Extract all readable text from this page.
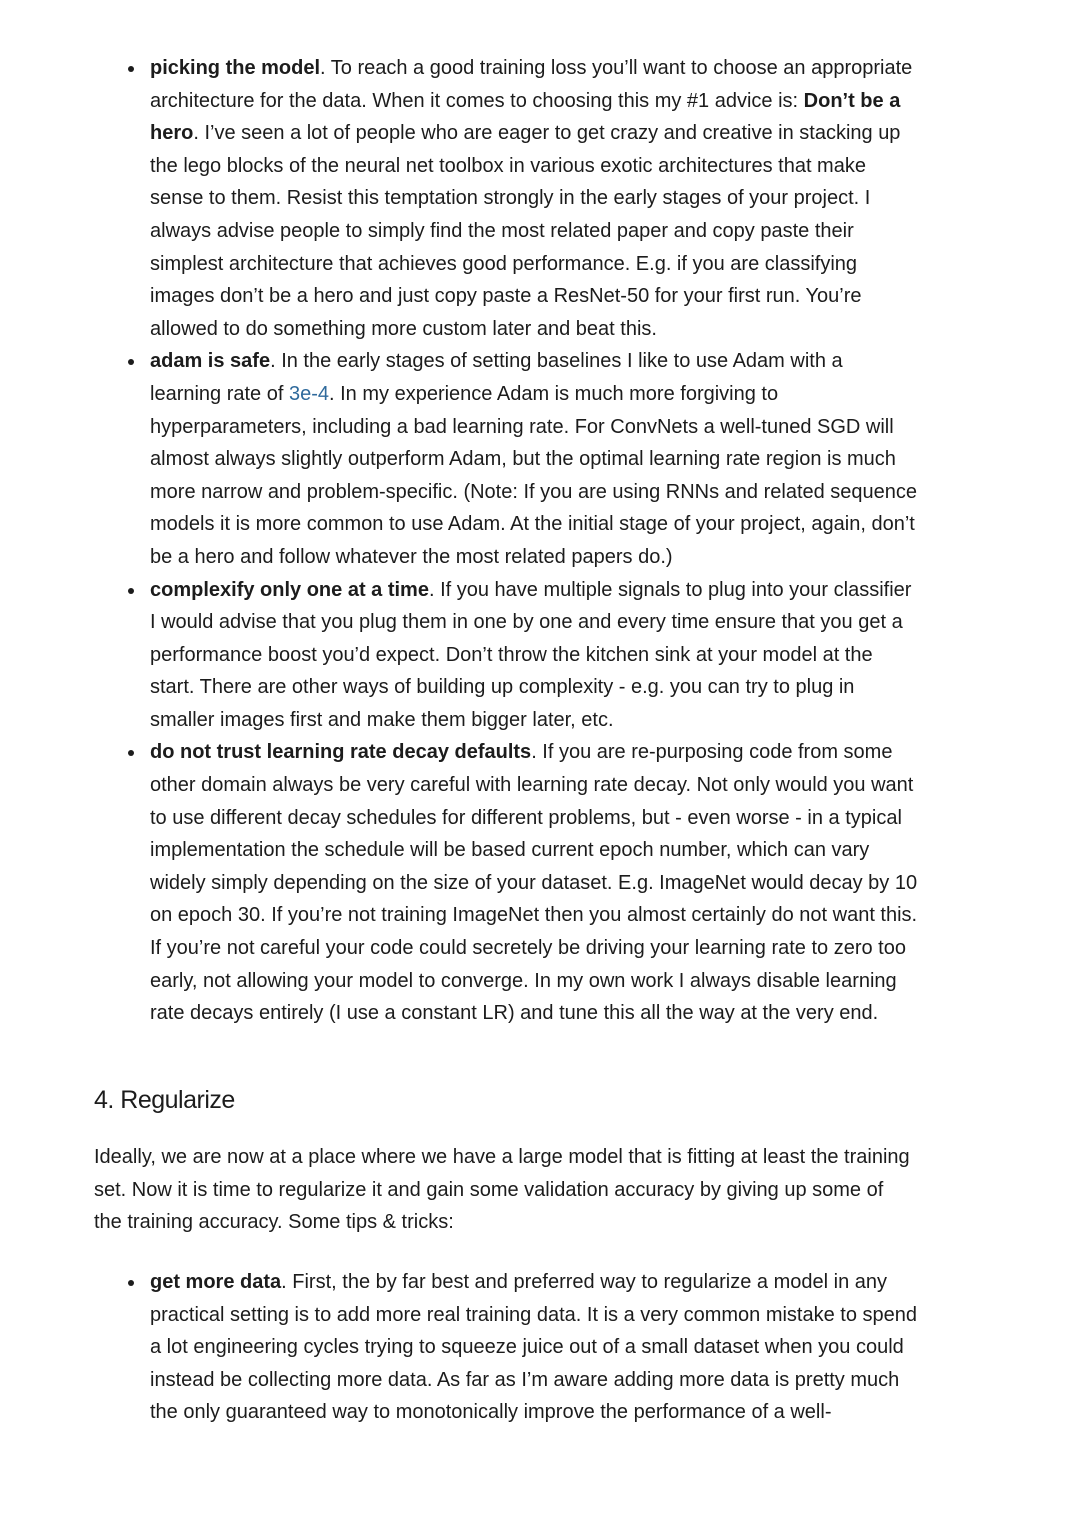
picking the model. To reach a good training loss you’ll want to choose an appropriate
architecture for the data. When it comes to choosing this my #1 advice is: Don’t be a
hero. I’ve seen a lot of people who are eager to get crazy and creative in stacking up
the lego blocks of the neural net toolbox in various exotic architectures that make
sense to them. Resist this temptation strongly in the early stages of your project. I
always advise people to simply find the most related paper and copy paste their
simplest architecture that achieves good performance. E.g. if you are classifying
images don’t be a hero and just copy paste a ResNet-50 for your first run. You’re
allowed to do something more custom later and beat this.
adam is safe. In the early stages of setting baselines I like to use Adam with a
learning rate of 3e-4. In my experience Adam is much more forgiving to
hyperparameters, including a bad learning rate. For ConvNets a well-tuned SGD will
almost always slightly outperform Adam, but the optimal learning rate region is much
more narrow and problem-specific. (Note: If you are using RNNs and related sequence
models it is more common to use Adam. At the initial stage of your project, again, don’t
be a hero and follow whatever the most related papers do.)
complexify only one at a time. If you have multiple signals to plug into your classifier
I would advise that you plug them in one by one and every time ensure that you get a
performance boost you’d expect. Don’t throw the kitchen sink at your model at the
start. There are other ways of building up complexity - e.g. you can try to plug in
smaller images first and make them bigger later, etc.
do not trust learning rate decay defaults. If you are re-purposing code from some
other domain always be very careful with learning rate decay. Not only would you want
to use different decay schedules for different problems, but - even worse - in a typical
implementation the schedule will be based current epoch number, which can vary
widely simply depending on the size of your dataset. E.g. ImageNet would decay by 10
on epoch 30. If you’re not training ImageNet then you almost certainly do not want this.
If you’re not careful your code could secretely be driving your learning rate to zero too
early, not allowing your model to converge. In my own work I always disable learning
rate decays entirely (I use a constant LR) and tune this all the way at the very end.
4. Regularize

Ideally, we are now at a place where we have a large model that is fitting at least the training
set. Now it is time to regularize it and gain some validation accuracy by giving up some of
the training accuracy. Some tips & tricks:

get more data. First, the by far best and preferred way to regularize a model in any
practical setting is to add more real training data. It is a very common mistake to spend
a lot engineering cycles trying to squeeze juice out of a small dataset when you could
instead be collecting more data. As far as I’m aware adding more data is pretty much
the only guaranteed way to monotonically improve the performance of a well-
